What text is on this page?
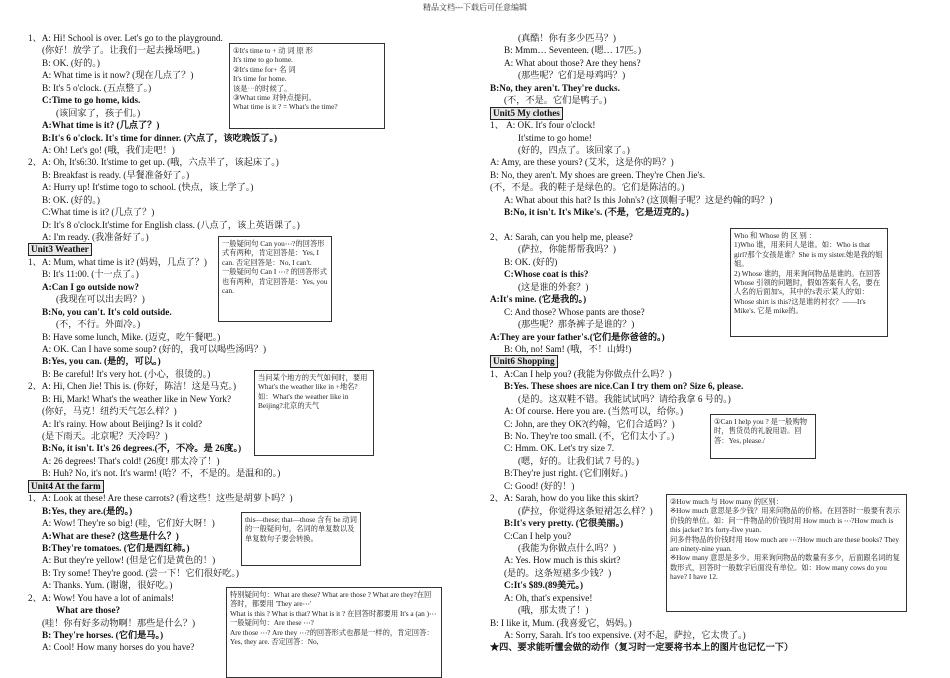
精品文档---下载后可任意编辑
1、A: Hi! School is over. Let's go to the playground.
(你好！放学了。让我们一起去操场吧。)
B: OK. (好的。)
A: What time is it now? (现在几点了？)
B: It's 5 o'clock. (五点整了。)
C:Time to go home, kids.
(该回家了，孩子们。)
A:What time is it? (几点了？)
B:It's 6 o'clock. It's time for dinner. (六点了，该吃晚饭了。)
A: Oh! Let's go! (哦，我们走吧！)
2、A: Oh, It's6:30. It'stime to get up. (哦，六点半了，该起床了。)
B: Breakfast is ready. (早餐准备好了。)
A: Hurry up! It'stime togo to school. (快点，该上学了。)
B: OK. (好的。)
C:What time is it? (几点了？)
D: It's 8 o'clock.It'stime for English class. (八点了，该上英语课了。)
A: I'm ready. (我准备好了。)
Unit3 Weather
1、A: Mum, what time is it? (妈妈，几点了？)
B: It's 11:00. (十一点了。)
A:Can I go outside now?
(我现在可以出去吗？)
B:No, you can't. It's cold outside.
(不，不行。外面冷。)
B: Have some lunch, Mike. (迈克，吃午餐吧。)
A: OK. Can I have some soup? (好的，我可以喝些汤吗？)
B:Yes, you can. (是的，可以。)
B: Be careful! It's very hot. (小心，很烫的。)
2、A: Hi, Chen Jie! This is. (你好，陈洁！这是马克。)
B: Hi, Mark! What's the weather like in New York?
(你好，马克！纽约天气怎么样？)
A: It's rainy. How about Beijing? Is it cold?
(是下雨天。北京呢？天冷吗？)
B:No, it isn't. It's 26 degrees.(不，不冷。是 26度。)
A: 26 degrees! That's cold! (26度! 那太冷了！)
B: Huh? No, it's not. It's warm! (哈？不，不是的。是温和的。)
Unit4 At the farm
1、A: Look at these! Are these carrots? (看这些！这些是胡萝卜吗？)
B:Yes, they are.(是的。)
A: Wow! They're so big! (哇，它们好大呀！)
A:What are these? (这些是什么？)
B:They're tomatoes. (它们是西红柿。)
A: But they're yellow! (但是它们是黄色的！)
B: Try some! They're good. (尝一下！它们很好吃。)
A: Thanks. Yum. (谢谢，很好吃。)
2、A: Wow! You have a lot of animals!
What are those?
(哇！你有好多动物啊！那些是什么？)
B: They're horses. (它们是马。)
A: Cool! How many horses do you have?
(真酷！你有多少匹马？)
B: Mmm… Seventeen. (嗯… 17匹。)
A: What about those? Are they hens?
(那些呢？它们是母鸡吗？)
B:No, they aren't. They're ducks.
(不，不是。它们是鸭子。)
Unit5 My clothes
1、 A: OK. It's four o'clock!
It'stime to go home!
(好的，四点了。该回家了。)
A: Amy, are these yours? (艾米，这是你的吗？)
B: No, they aren't. My shoes are green. They're Chen Jie's.
(不，不是。我的鞋子是绿色的。它们是陈洁的。)
A: What about this hat? Is this John's? (这顶帽子呢？这是约翰的吗？)
B:No, it isn't. It's Mike's. (不是，它是迈克的。)
2、A: Sarah, can you help me, please?
(萨拉，你能帮帮我吗？)
B: OK. (好的)
C:Whose coat is this?
(这是谁的外套？)
A:It's mine. (它是我的。)
C: And those? Whose pants are those?
(那些呢？那条裤子是谁的？)
A:They are your father's.(它们是你爸爸的。)
B: Oh, no! Sam! (哦，不！山姆!)
Unit6 Shopping
1、A:Can I help you? (我能为你做点什么吗？)
B:Yes. These shoes are nice.Can I try them on? Size 6, please.
(是的。这双鞋不错。我能试试吗？请给我拿 6 号的。)
A: Of course. Here you are. (当然可以，给你。)
C: John, are they OK?(约翰，它们合适吗？)
B: No. They're too small. (不，它们太小了。)
C: Hmm. OK. Let's try size 7.
(嗯，好的。让我们试 7 号的。)
B:They're just right. (它们刚好。)
C: Good! (好的！)
2、A: Sarah, how do you like this skirt?
(萨拉，你觉得这条短裙怎么样？)
B:It's very pretty. (它很美丽。)
C:Can I help you?
(我能为你做点什么吗？)
A: Yes. How much is this skirt?
(是的。这条短裙多少钱？)
C:It's $89.(89美元。)
A: Oh, that's expensive!
(哦，那太贵了！)
B: I like it, Mum. (我喜爱它，妈妈。)
A: Sorry, Sarah. It's too expensive. (对不起，萨拉，它太贵了。)
★四、要求能听懂会做的动作（复习时一定要将书本上的图片也记忆一下）
①It's time to + 动 词 原 形
It's time to go home.
②It's time for+ 名 词
It's time for home.
该是⋯的时候了。
③What time 对钟点提问。
What time is it ? = What's the time?
一般疑问句 Can you⋯?的回答形式有两种，肯定回答是：Yes, I can. 否定回答是：No, I can't.
一般疑问句 Can I ⋯? 的回答形式也有两种，肯定回答是：Yes, you can.
当问某个地方的天气如何时，要用 What's the weather like in +地名?
如：What's the weather like in Beijing?北京的天气
this—these; that—those 含有 be 动词的一般疑问句，名词的单复数以及单复数句子要会转换。
特别疑问句：What are these? What are those ? What are they?在回答时，都要用 'They are⋯'
What is this ? What is that? What is it ? 在回答时都要用 It's a (an )⋯
一般疑问句：Are these ⋯?
Are those ⋯? Are they ⋯?的回答形式也都是一样的，肯定回答：Yes, they are. 否定回答：No,
Who 和 Whose 的 区 别 ：
1)Who 谁，用来问人是谁。如：Who is that girl?那个女孩是谁？She is my sister.她是我的姐姐。
2) Whose 谁的，用来询问物品是谁的。在回答 Whose 引领的问题时，假如答案有人名，要在人名的后面加's，其中的's表示'某人的'如：Whose shirt is this?这是谁的衬衣？——It's Mike's. 它是 mike的。
①Can I help you ? 是一般购物时，售货员的礼貌用语。回答：Yes, please./
②How much 与 How many 的区别：
※How much 意思是多少钱？用来问物品的价格。在回答时一般要有表示价钱的单位。如：问一件物品的价钱时用 How much is ⋯?How much is this jacket? It's forty-five yuan.
问多件物品的价钱时用 How much are ⋯?How much are these books? They are ninety-nine yuan.
※How many 意思是多少。用来询问物品的数量有多少，后面跟名词的复数形式，回答时一般数字后面没有单位。如：How many cows do you have? I have 12.
